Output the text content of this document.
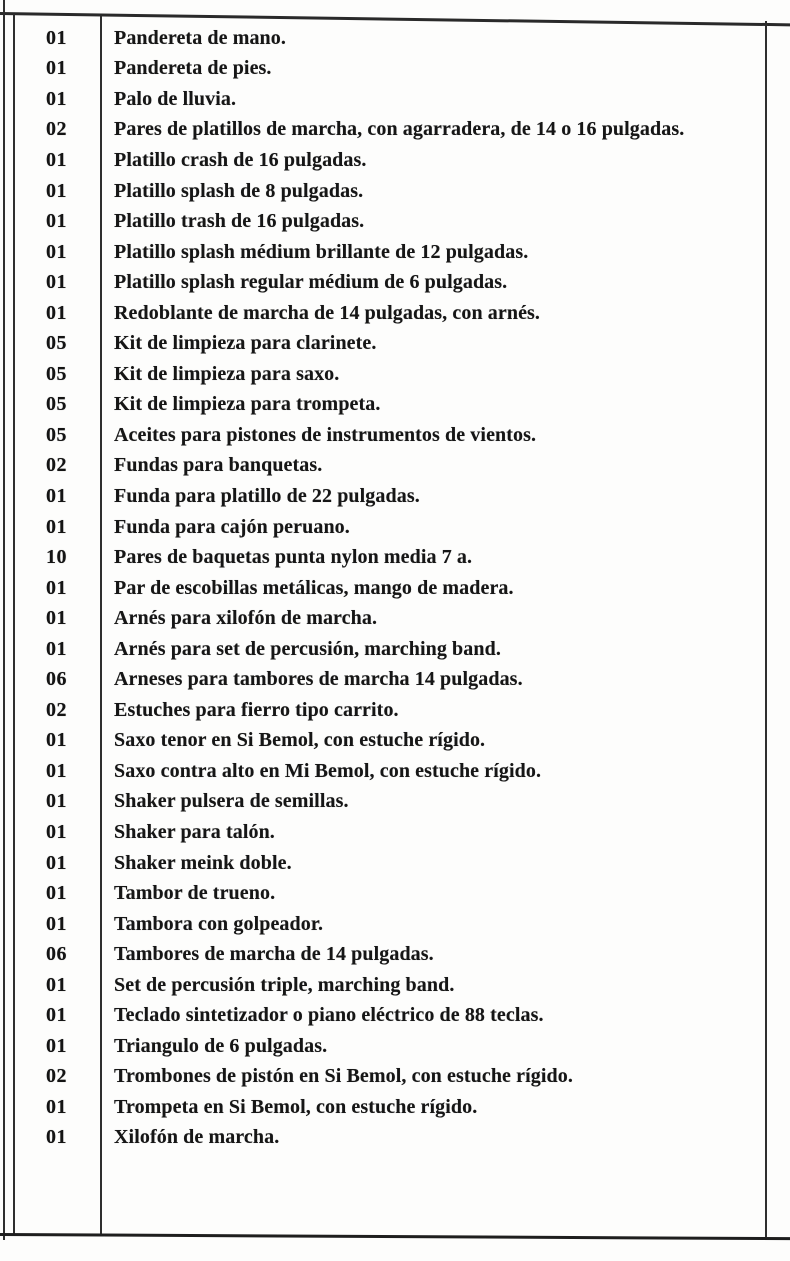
01	Pandereta de mano.
01	Pandereta de pies.
01	Palo de lluvia.
02	Pares de platillos de marcha, con agarradera, de 14 o 16 pulgadas.
01	Platillo crash de 16 pulgadas.
01	Platillo splash de 8 pulgadas.
01	Platillo trash de 16 pulgadas.
01	Platillo splash médium brillante de 12 pulgadas.
01	Platillo splash regular médium de 6 pulgadas.
01	Redoblante de marcha de 14 pulgadas, con arnés.
05	Kit de limpieza para clarinete.
05	Kit de limpieza para saxo.
05	Kit de limpieza para trompeta.
05	Aceites para pistones de instrumentos de vientos.
02	Fundas para banquetas.
01	Funda para platillo de 22 pulgadas.
01	Funda para cajón peruano.
10	Pares de baquetas punta nylon media 7 a.
01	Par de escobillas metálicas, mango de madera.
01	Arnés para xilofón de marcha.
01	Arnés para set de percusión, marching band.
06	Arneses para tambores de marcha 14 pulgadas.
02	Estuches para fierro tipo carrito.
01	Saxo tenor en Si Bemol, con estuche rígido.
01	Saxo contra alto en Mi Bemol, con estuche rígido.
01	Shaker pulsera de semillas.
01	Shaker para talón.
01	Shaker meink doble.
01	Tambor de trueno.
01	Tambora con golpeador.
06	Tambores de marcha de 14 pulgadas.
01	Set de percusión triple, marching band.
01	Teclado sintetizador o piano eléctrico de 88 teclas.
01	Triangulo de 6 pulgadas.
02	Trombones de pistón en Si Bemol, con estuche rígido.
01	Trompeta en Si Bemol, con estuche rígido.
01	Xilofón de marcha.
